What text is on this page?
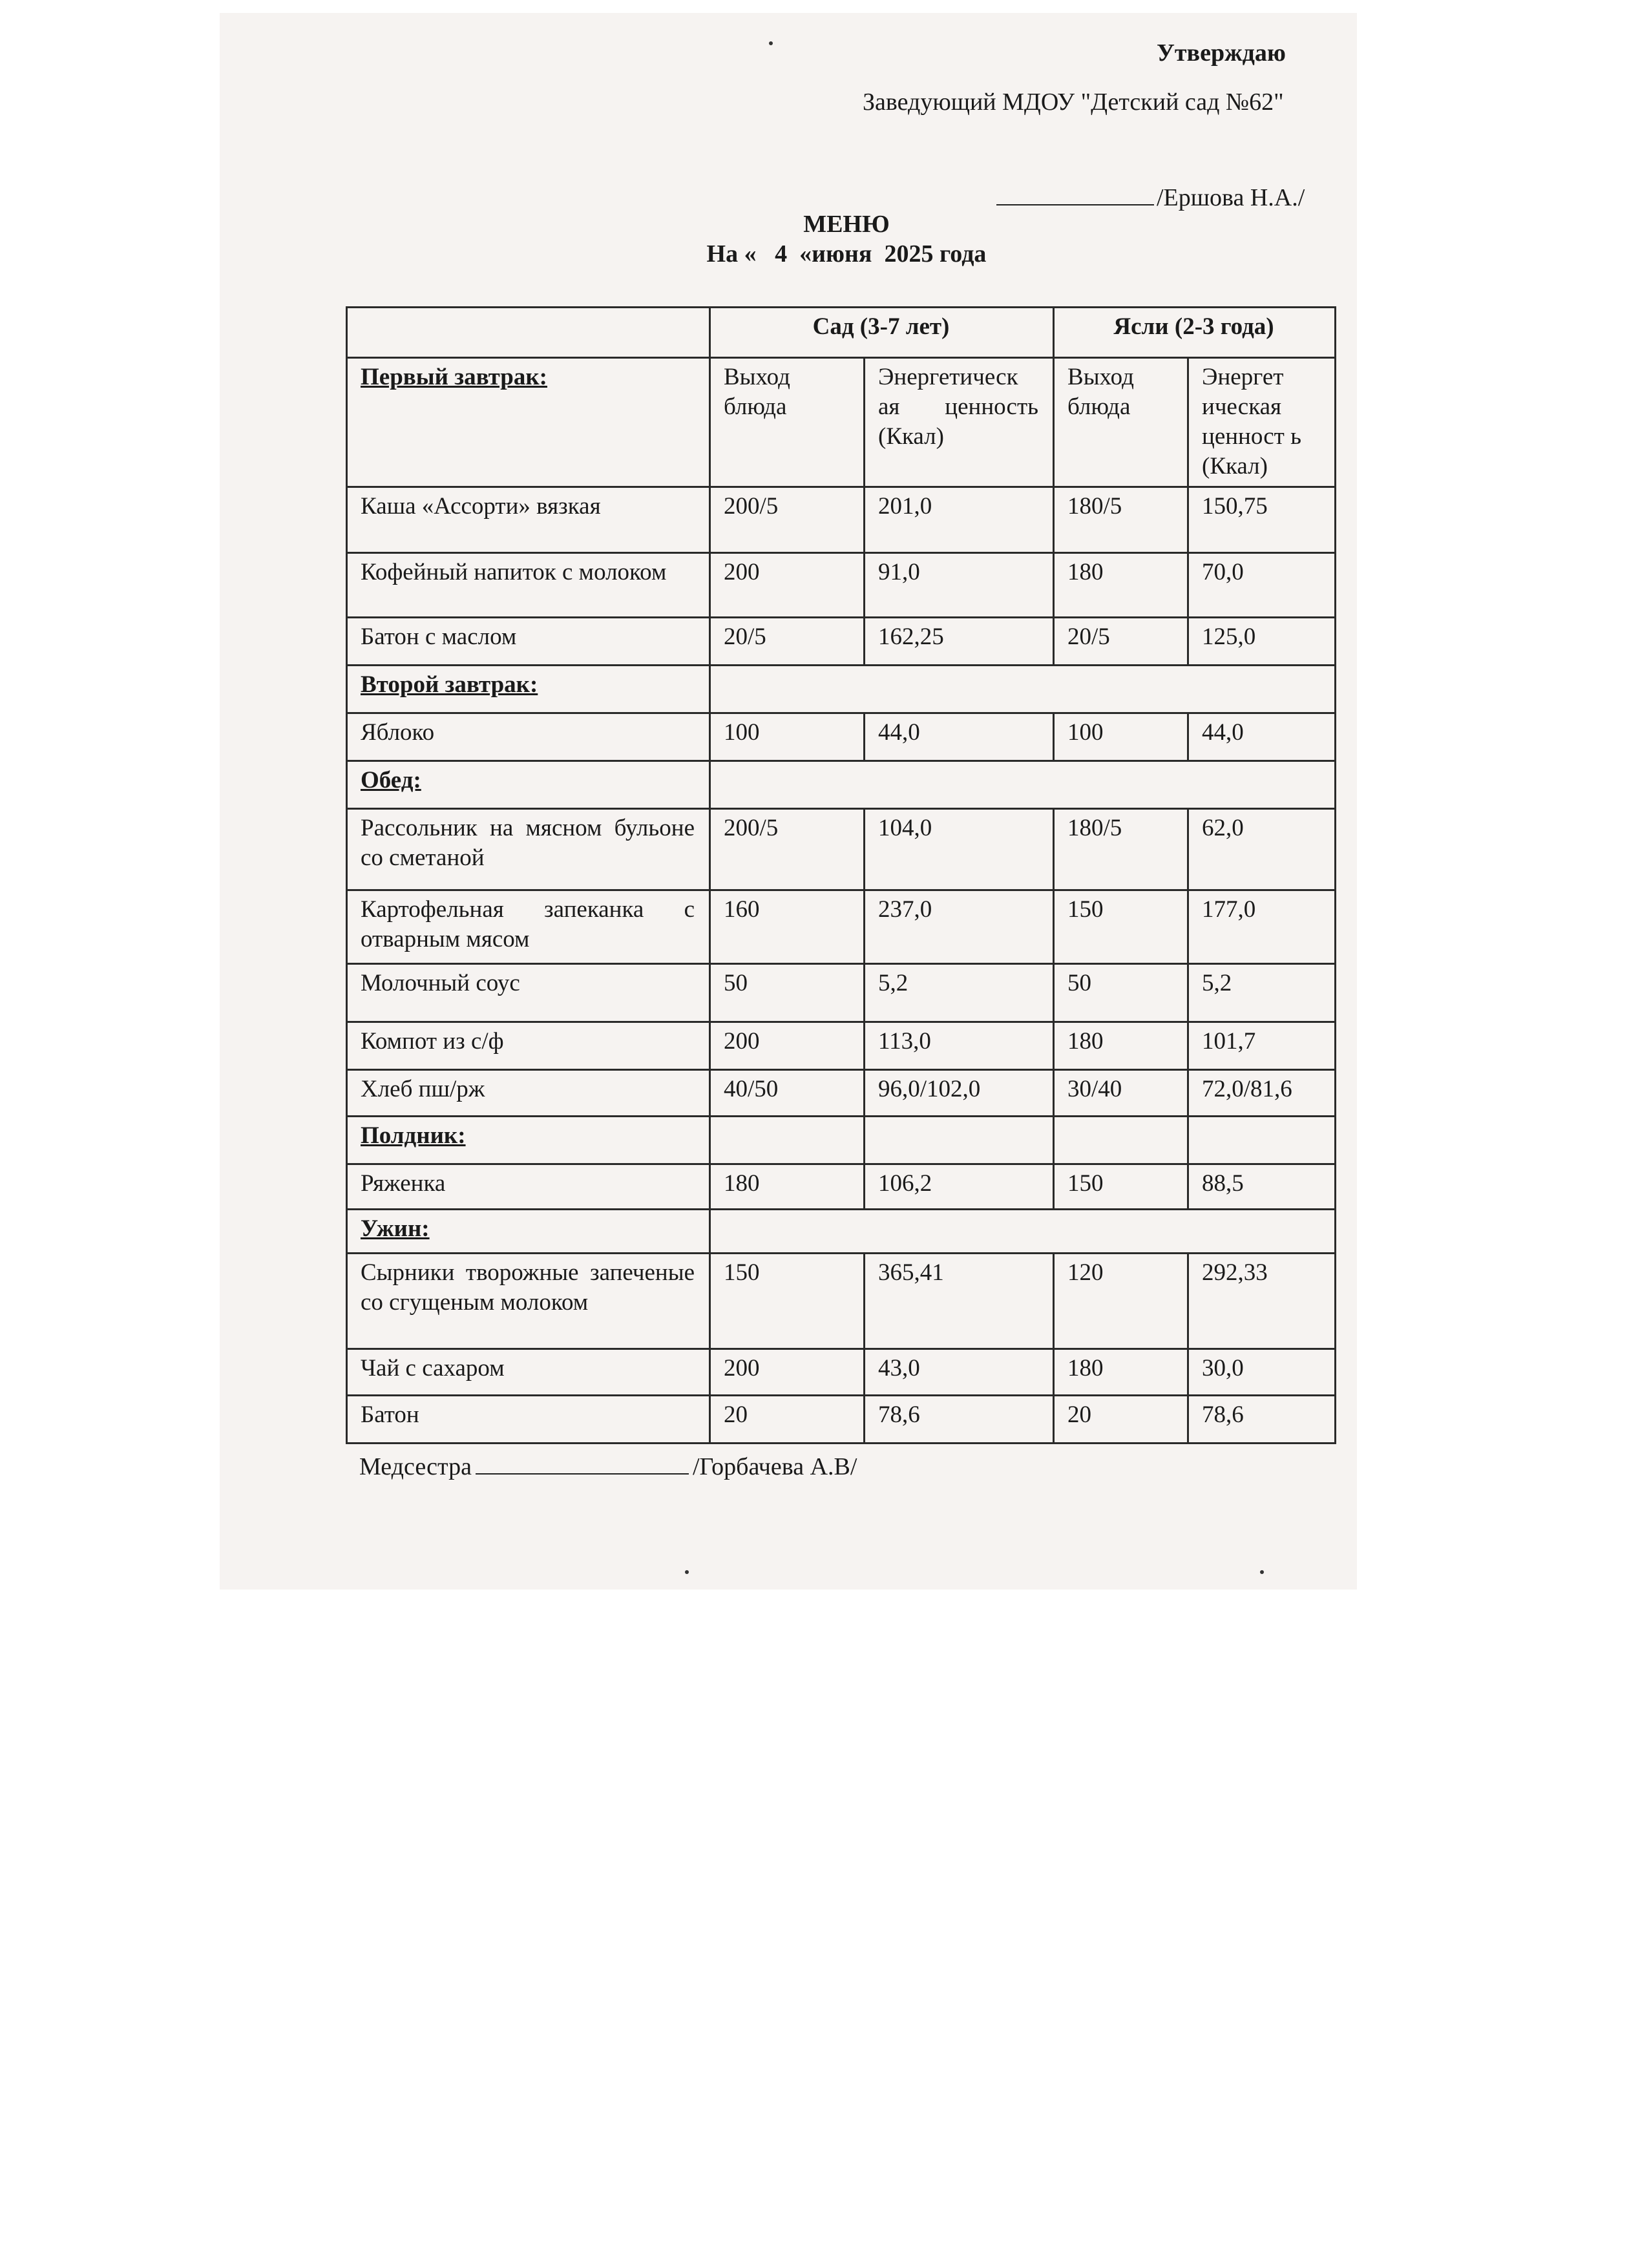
Утверждаю
Заведующий МДОУ "Детский сад №62"
/Ершова Н.А./
МЕНЮ
На «   4  «июня  2025 года
	Сад (3-7 лет)		Ясли (2-3 года)	
Первый завтрак:	Выход блюда	Энергетическ ая ценность (Ккал)	Выход блюда	Энергет ическая ценност ь (Ккал)
Каша «Ассорти» вязкая	200/5	201,0	180/5	150,75
Кофейный напиток с молоком	200	91,0	180	70,0
Батон с маслом	20/5	162,25	20/5	125,0
Второй завтрак:				
Яблоко	100	44,0	100	44,0
Обед:				
Рассольник на мясном бульоне со сметаной	200/5	104,0	180/5	62,0
Картофельная запеканка с отварным мясом	160	237,0	150	177,0
Молочный соус	50	5,2	50	5,2
Компот из с/ф	200	113,0	180	101,7
Хлеб пш/рж	40/50	96,0/102,0	30/40	72,0/81,6
Полдник:				
Ряженка	180	106,2	150	88,5
Ужин:				
Сырники творожные запеченые со сгущеным молоком	150	365,41	120	292,33
Чай с сахаром	200	43,0	180	30,0
Батон	20	78,6	20	78,6
Медсестра	/Горбачева А.В/
